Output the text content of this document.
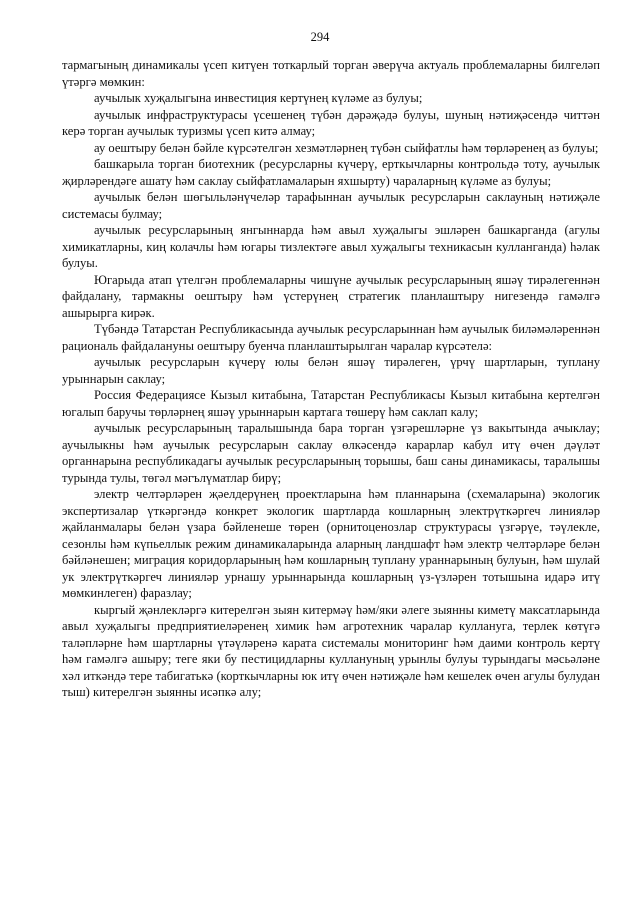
294

тармагының динамикалы үсеп китүен тоткарлый торган әверүча актуаль проблемаларны билгеләп үтәргә мөмкин:

аучылык хуҗалыгына инвестиция кертүнең күләме аз булуы;

аучылык инфраструктурасы үсешенең түбән дәрәҗәдә булуы, шуның нәтиҗәсендә читтән керә торган аучылык туризмы үсеп китә алмау;

ау оештыру белән бәйле күрсәтелгән хезмәтләрнең түбән сыйфатлы һәм төрләренең аз булуы;

башкарыла торган биотехник (ресурсларны күчерү, ерткычларны контрольдә тоту, аучылык җирләрендәге ашату һәм саклау сыйфатламаларын яхшырту) чараларның күләме аз булуы;

аучылык белән шөгыльләнүчеләр тарафыннан аучылык ресурсларын саклауның нәтиҗәле системасы булмау;

аучылык ресурсларының янгыннарда һәм авыл хуҗалыгы эшләрен башкарганда (агулы химикатларны, киң колачлы һәм югары тизлектәге авыл хуҗалыгы техникасын кулланганда) һәлак булуы.

Югарыда атап үтелгән проблемаларны чишүне аучылык ресурсларының яшәү тирәлегеннән файдалану, тармакны оештыру һәм үстерүнең стратегик планлаштыру нигезендә гамәлгә ашырырга кирәк.

Түбәндә Татарстан Республикасында аучылык ресурсларыннан һәм аучылык биләмәләреннән рациональ файдалануны оештыру буенча планлаштырылган чаралар күрсәтелә:

аучылык ресурсларын күчерү юлы белән яшәү тирәлеген, үрчү шартларын, туплану урыннарын саклау;

Россия Федерациясе Кызыл китабына, Татарстан Республикасы Кызыл китабына кертелгән югалып баручы төрләрнең яшәү урыннарын картага төшерү һәм саклап калу;

аучылык ресурсларының таралышында бара торган үзгәрешләрне үз вакытында ачыклау; аучылыкны һәм аучылык ресурсларын саклау өлкәсендә карарлар кабул итү өчен дәүләт органнарына республикадагы аучылык ресурсларының торышы, баш саны динамикасы, таралышы турында тулы, төгәл мәгълүматлар бирү;

электр челтәрләрен җәелдерүнең проектларына һәм планнарына (схемаларына) экологик экспертизалар үткәргәндә конкрет экологик шартларда кошларның электрүткәргеч линияләр җайланмалары белән үзара бәйленеше төрен (орнитоценозлар структурасы үзгәрүе, тәүлекле, сезонлы һәм күпьеллык режим динамикаларында аларның ландшафт һәм электр челтәрләре белән бәйләнешен; миграция коридорларының һәм кошларның туплану ураннарының булуын, һәм шулай ук электрүткәргеч линияләр урнашу урыннарында кошларның үз-үзләрен тотышына идарә итү мөмкинлеген) фаразлау;

кыргый җәнлекләргә китерелгән зыян китермәү һәм/яки әлеге зыянны киметү максатларында авыл хуҗалыгы предприятиеләренең химик һәм агротехник чаралар куллануга, терлек көтүгә таләпләрне һәм шартларны үтәүләренә карата системалы мониторинг һәм даими контроль кертү һәм гамәлгә ашыру; тегe яки бу пестицидларны куллануның урынлы булуы турындагы мәсьәләне хәл иткәндә тере табигатькә (корткычларны юк итү өчен нәтиҗәле һәм кешелек өчен агулы булудан тыш) китерелгән зыянны исәпкә алу;
